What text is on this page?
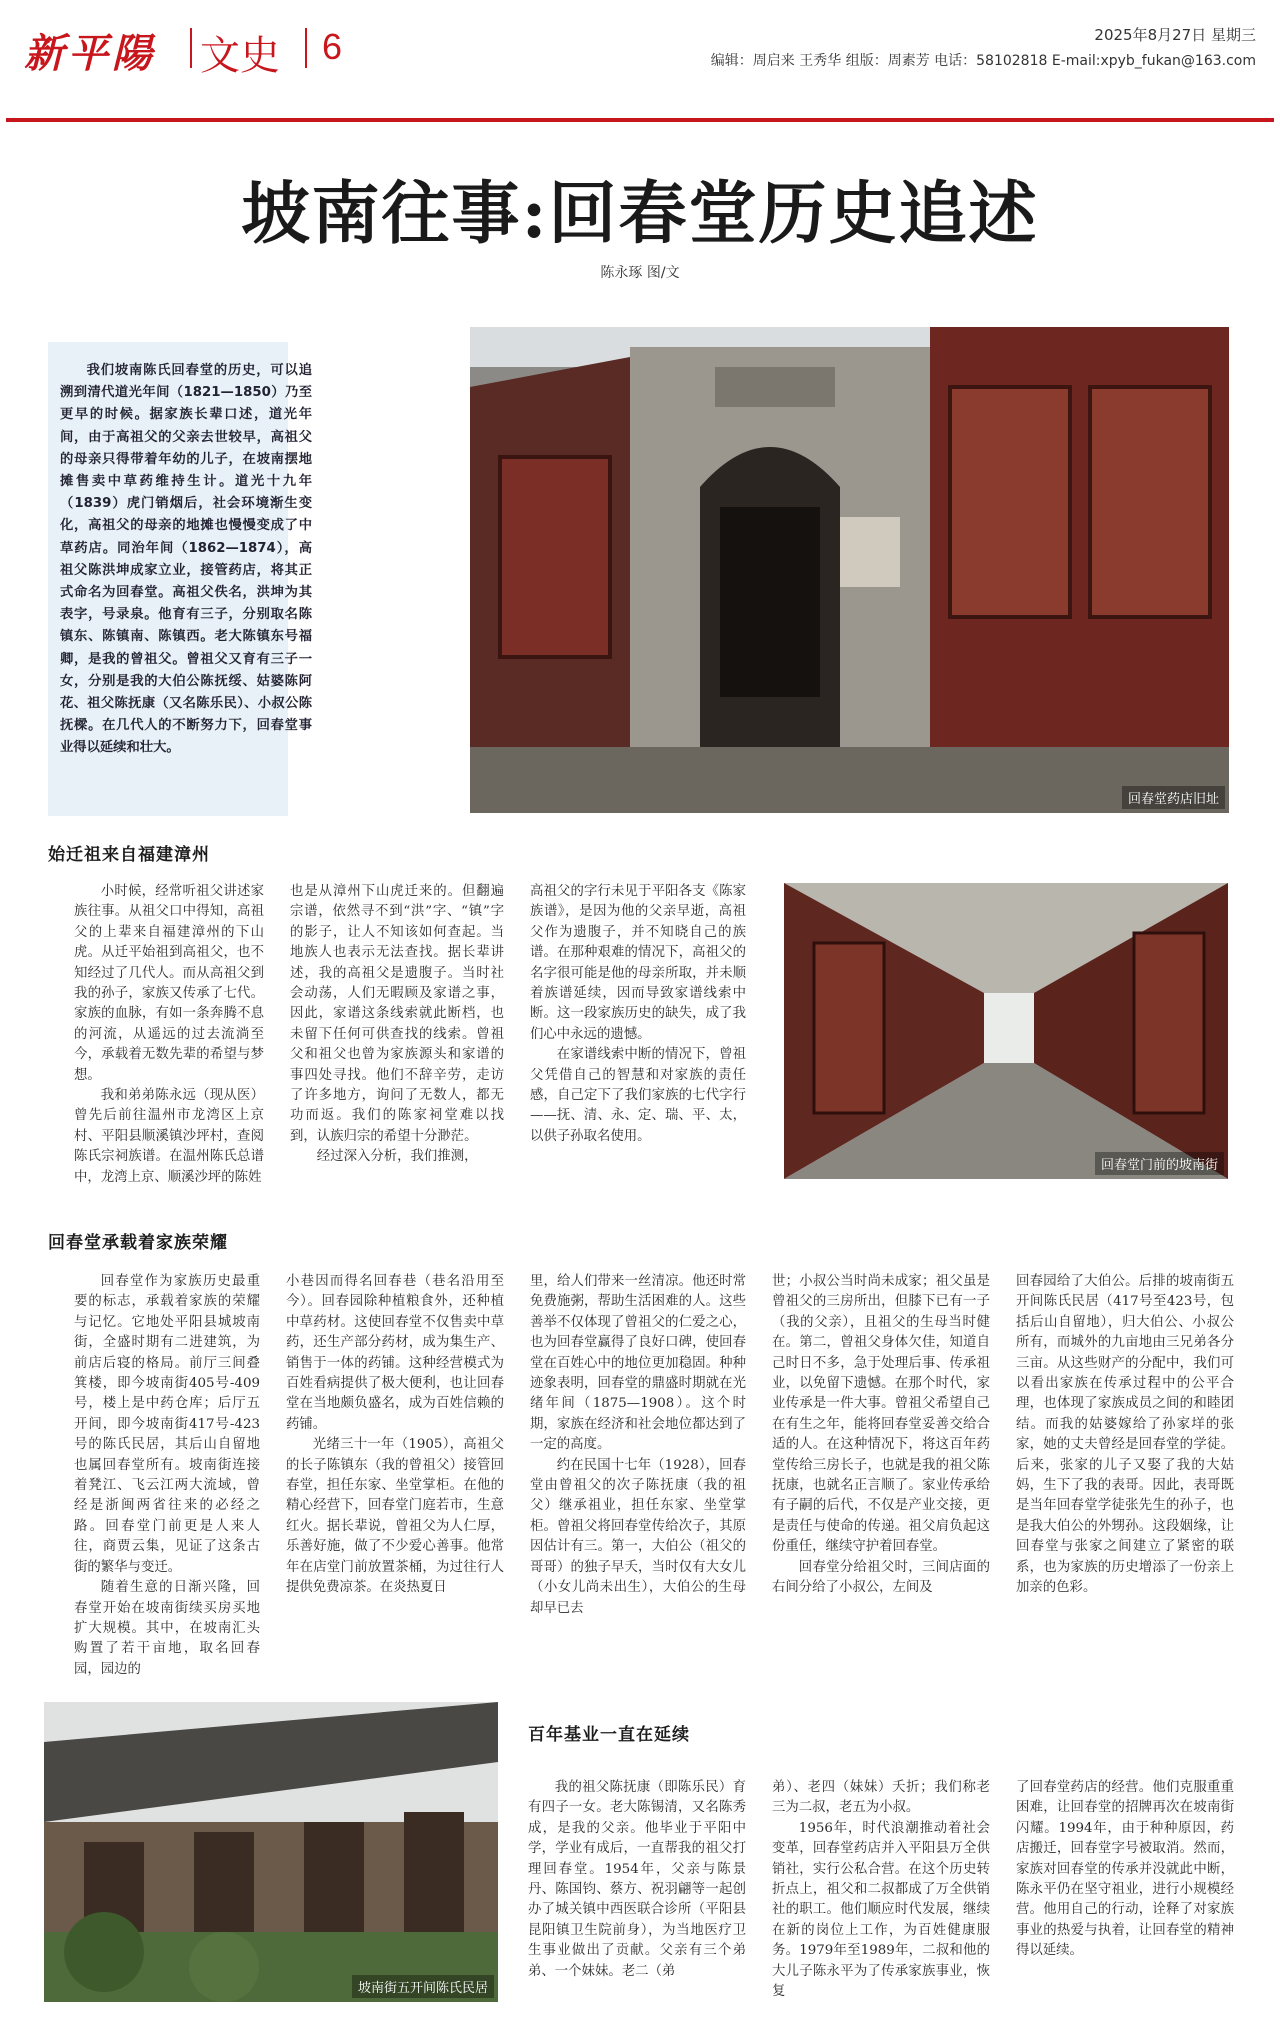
新平陽 文史 6	2025年8月27日 星期三
编辑：周启来 王秀华 组版：周素芳 电话：58102818 E-mail:xpyb_fukan@163.com
坡南往事:回春堂历史追述
陈永琢 图/文

我们坡南陈氏回春堂的历史，可以追溯到清代道光年间（1821—1850）乃至更早的时候。据家族长辈口述，道光年间，由于高祖父的父亲去世较早，高祖父的母亲只得带着年幼的儿子，在坡南摆地摊售卖中草药维持生计。道光十九年（1839）虎门销烟后，社会环境渐生变化，高祖父的母亲的地摊也慢慢变成了中草药店。同治年间（1862—1874），高祖父陈洪坤成家立业，接管药店，将其正式命名为回春堂。高祖父佚名，洪坤为其表字，号录泉。他育有三子，分别取名陈镇东、陈镇南、陈镇西。老大陈镇东号福卿，是我的曾祖父。曾祖父又育有三子一女，分别是我的大伯公陈抚绥、姑婆陈阿花、祖父陈抚康（又名陈乐民）、小叔公陈抚樑。在几代人的不断努力下，回春堂事业得以延续和壮大。

回春堂药店旧址
始迁祖来自福建漳州

小时候，经常听祖父讲述家族往事。从祖父口中得知，高祖父的上辈来自福建漳州的下山虎。从迁平始祖到高祖父，也不知经过了几代人。而从高祖父到我的孙子，家族又传承了七代。家族的血脉，有如一条奔腾不息的河流，从遥远的过去流淌至今，承载着无数先辈的希望与梦想。

我和弟弟陈永远（现从医）曾先后前往温州市龙湾区上京村、平阳县顺溪镇沙坪村，查阅陈氏宗祠族谱。在温州陈氏总谱中，龙湾上京、顺溪沙坪的陈姓

也是从漳州下山虎迁来的。但翻遍宗谱，依然寻不到“洪”字、“镇”字的影子，让人不知该如何查起。当地族人也表示无法查找。据长辈讲述，我的高祖父是遗腹子。当时社会动荡，人们无暇顾及家谱之事，因此，家谱这条线索就此断档，也未留下任何可供查找的线索。曾祖父和祖父也曾为家族源头和家谱的事四处寻找。他们不辞辛劳，走访了许多地方，询问了无数人，都无功而返。我们的陈家祠堂难以找到，认族归宗的希望十分渺茫。

经过深入分析，我们推测，

高祖父的字行未见于平阳各支《陈家族谱》，是因为他的父亲早逝，高祖父作为遗腹子，并不知晓自己的族谱。在那种艰难的情况下，高祖父的名字很可能是他的母亲所取，并未顺着族谱延续，因而导致家谱线索中断。这一段家族历史的缺失，成了我们心中永远的遗憾。

在家谱线索中断的情况下，曾祖父凭借自己的智慧和对家族的责任感，自己定下了我们家族的七代字行——抚、清、永、定、瑞、平、太，以供子孙取名使用。

回春堂门前的坡南街
回春堂承载着家族荣耀

回春堂作为家族历史最重要的标志，承载着家族的荣耀与记忆。它地处平阳县城坡南街，全盛时期有二进建筑，为前店后寝的格局。前厅三间叠箕楼，即今坡南街405号-409号，楼上是中药仓库；后厅五开间，即今坡南街417号-423号的陈氏民居，其后山自留地也属回春堂所有。坡南街连接着凳江、飞云江两大流域，曾经是浙闽两省往来的必经之路。回春堂门前更是人来人往，商贾云集，见证了这条古街的繁华与变迁。

随着生意的日渐兴隆，回春堂开始在坡南街续买房买地扩大规模。其中，在坡南汇头购置了若干亩地，取名回春园，园边的

小巷因而得名回春巷（巷名沿用至今）。回春园除种植粮食外，还种植中草药材。这使回春堂不仅售卖中草药，还生产部分药材，成为集生产、销售于一体的药铺。这种经营模式为百姓看病提供了极大便利，也让回春堂在当地颇负盛名，成为百姓信赖的药铺。

光绪三十一年（1905），高祖父的长子陈镇东（我的曾祖父）接管回春堂，担任东家、坐堂掌柜。在他的精心经营下，回春堂门庭若市，生意红火。据长辈说，曾祖父为人仁厚，乐善好施，做了不少爱心善事。他常年在店堂门前放置茶桶，为过往行人提供免费凉茶。在炎热夏日

里，给人们带来一丝清凉。他还时常免费施粥，帮助生活困难的人。这些善举不仅体现了曾祖父的仁爱之心，也为回春堂赢得了良好口碑，使回春堂在百姓心中的地位更加稳固。种种迹象表明，回春堂的鼎盛时期就在光绪年间（1875—1908）。这个时期，家族在经济和社会地位都达到了一定的高度。

约在民国十七年（1928），回春堂由曾祖父的次子陈抚康（我的祖父）继承祖业，担任东家、坐堂掌柜。曾祖父将回春堂传给次子，其原因估计有三。第一，大伯公（祖父的哥哥）的独子早夭，当时仅有大女儿（小女儿尚未出生），大伯公的生母却早已去

世；小叔公当时尚未成家；祖父虽是曾祖父的三房所出，但膝下已有一子（我的父亲），且祖父的生母当时健在。第二，曾祖父身体欠佳，知道自己时日不多，急于处理后事、传承祖业，以免留下遗憾。在那个时代，家业传承是一件大事。曾祖父希望自己在有生之年，能将回春堂妥善交给合适的人。在这种情况下，将这百年药堂传给三房长子，也就是我的祖父陈抚康，也就名正言顺了。家业传承给有子嗣的后代，不仅是产业交接，更是责任与使命的传递。祖父肩负起这份重任，继续守护着回春堂。

回春堂分给祖父时，三间店面的右间分给了小叔公，左间及

回春园给了大伯公。后排的坡南街五开间陈氏民居（417号至423号，包括后山自留地），归大伯公、小叔公所有，而城外的九亩地由三兄弟各分三亩。从这些财产的分配中，我们可以看出家族在传承过程中的公平合理，也体现了家族成员之间的和睦团结。而我的姑婆嫁给了孙家垟的张家，她的丈夫曾经是回春堂的学徒。后来，张家的儿子又娶了我的大姑妈，生下了我的表哥。因此，表哥既是当年回春堂学徒张先生的孙子，也是我大伯公的外甥孙。这段姻缘，让回春堂与张家之间建立了紧密的联系，也为家族的历史增添了一份亲上加亲的色彩。

坡南街五开间陈氏民居
百年基业一直在延续

我的祖父陈抚康（即陈乐民）育有四子一女。老大陈锡清，又名陈秀成，是我的父亲。他毕业于平阳中学，学业有成后，一直帮我的祖父打理回春堂。1954年，父亲与陈景丹、陈国钧、蔡方、祝羽翩等一起创办了城关镇中西医联合诊所（平阳县昆阳镇卫生院前身），为当地医疗卫生事业做出了贡献。父亲有三个弟弟、一个妹妹。老二（弟

弟）、老四（妹妹）夭折；我们称老三为二叔，老五为小叔。

1956年，时代浪潮推动着社会变革，回春堂药店并入平阳县万全供销社，实行公私合营。在这个历史转折点上，祖父和二叔都成了万全供销社的职工。他们顺应时代发展，继续在新的岗位上工作，为百姓健康服务。1979年至1989年，二叔和他的大儿子陈永平为了传承家族事业，恢复

了回春堂药店的经营。他们克服重重困难，让回春堂的招牌再次在坡南街闪耀。1994年，由于种种原因，药店搬迁，回春堂字号被取消。然而，家族对回春堂的传承并没就此中断，陈永平仍在坚守祖业，进行小规模经营。他用自己的行动，诠释了对家族事业的热爱与执着，让回春堂的精神得以延续。
